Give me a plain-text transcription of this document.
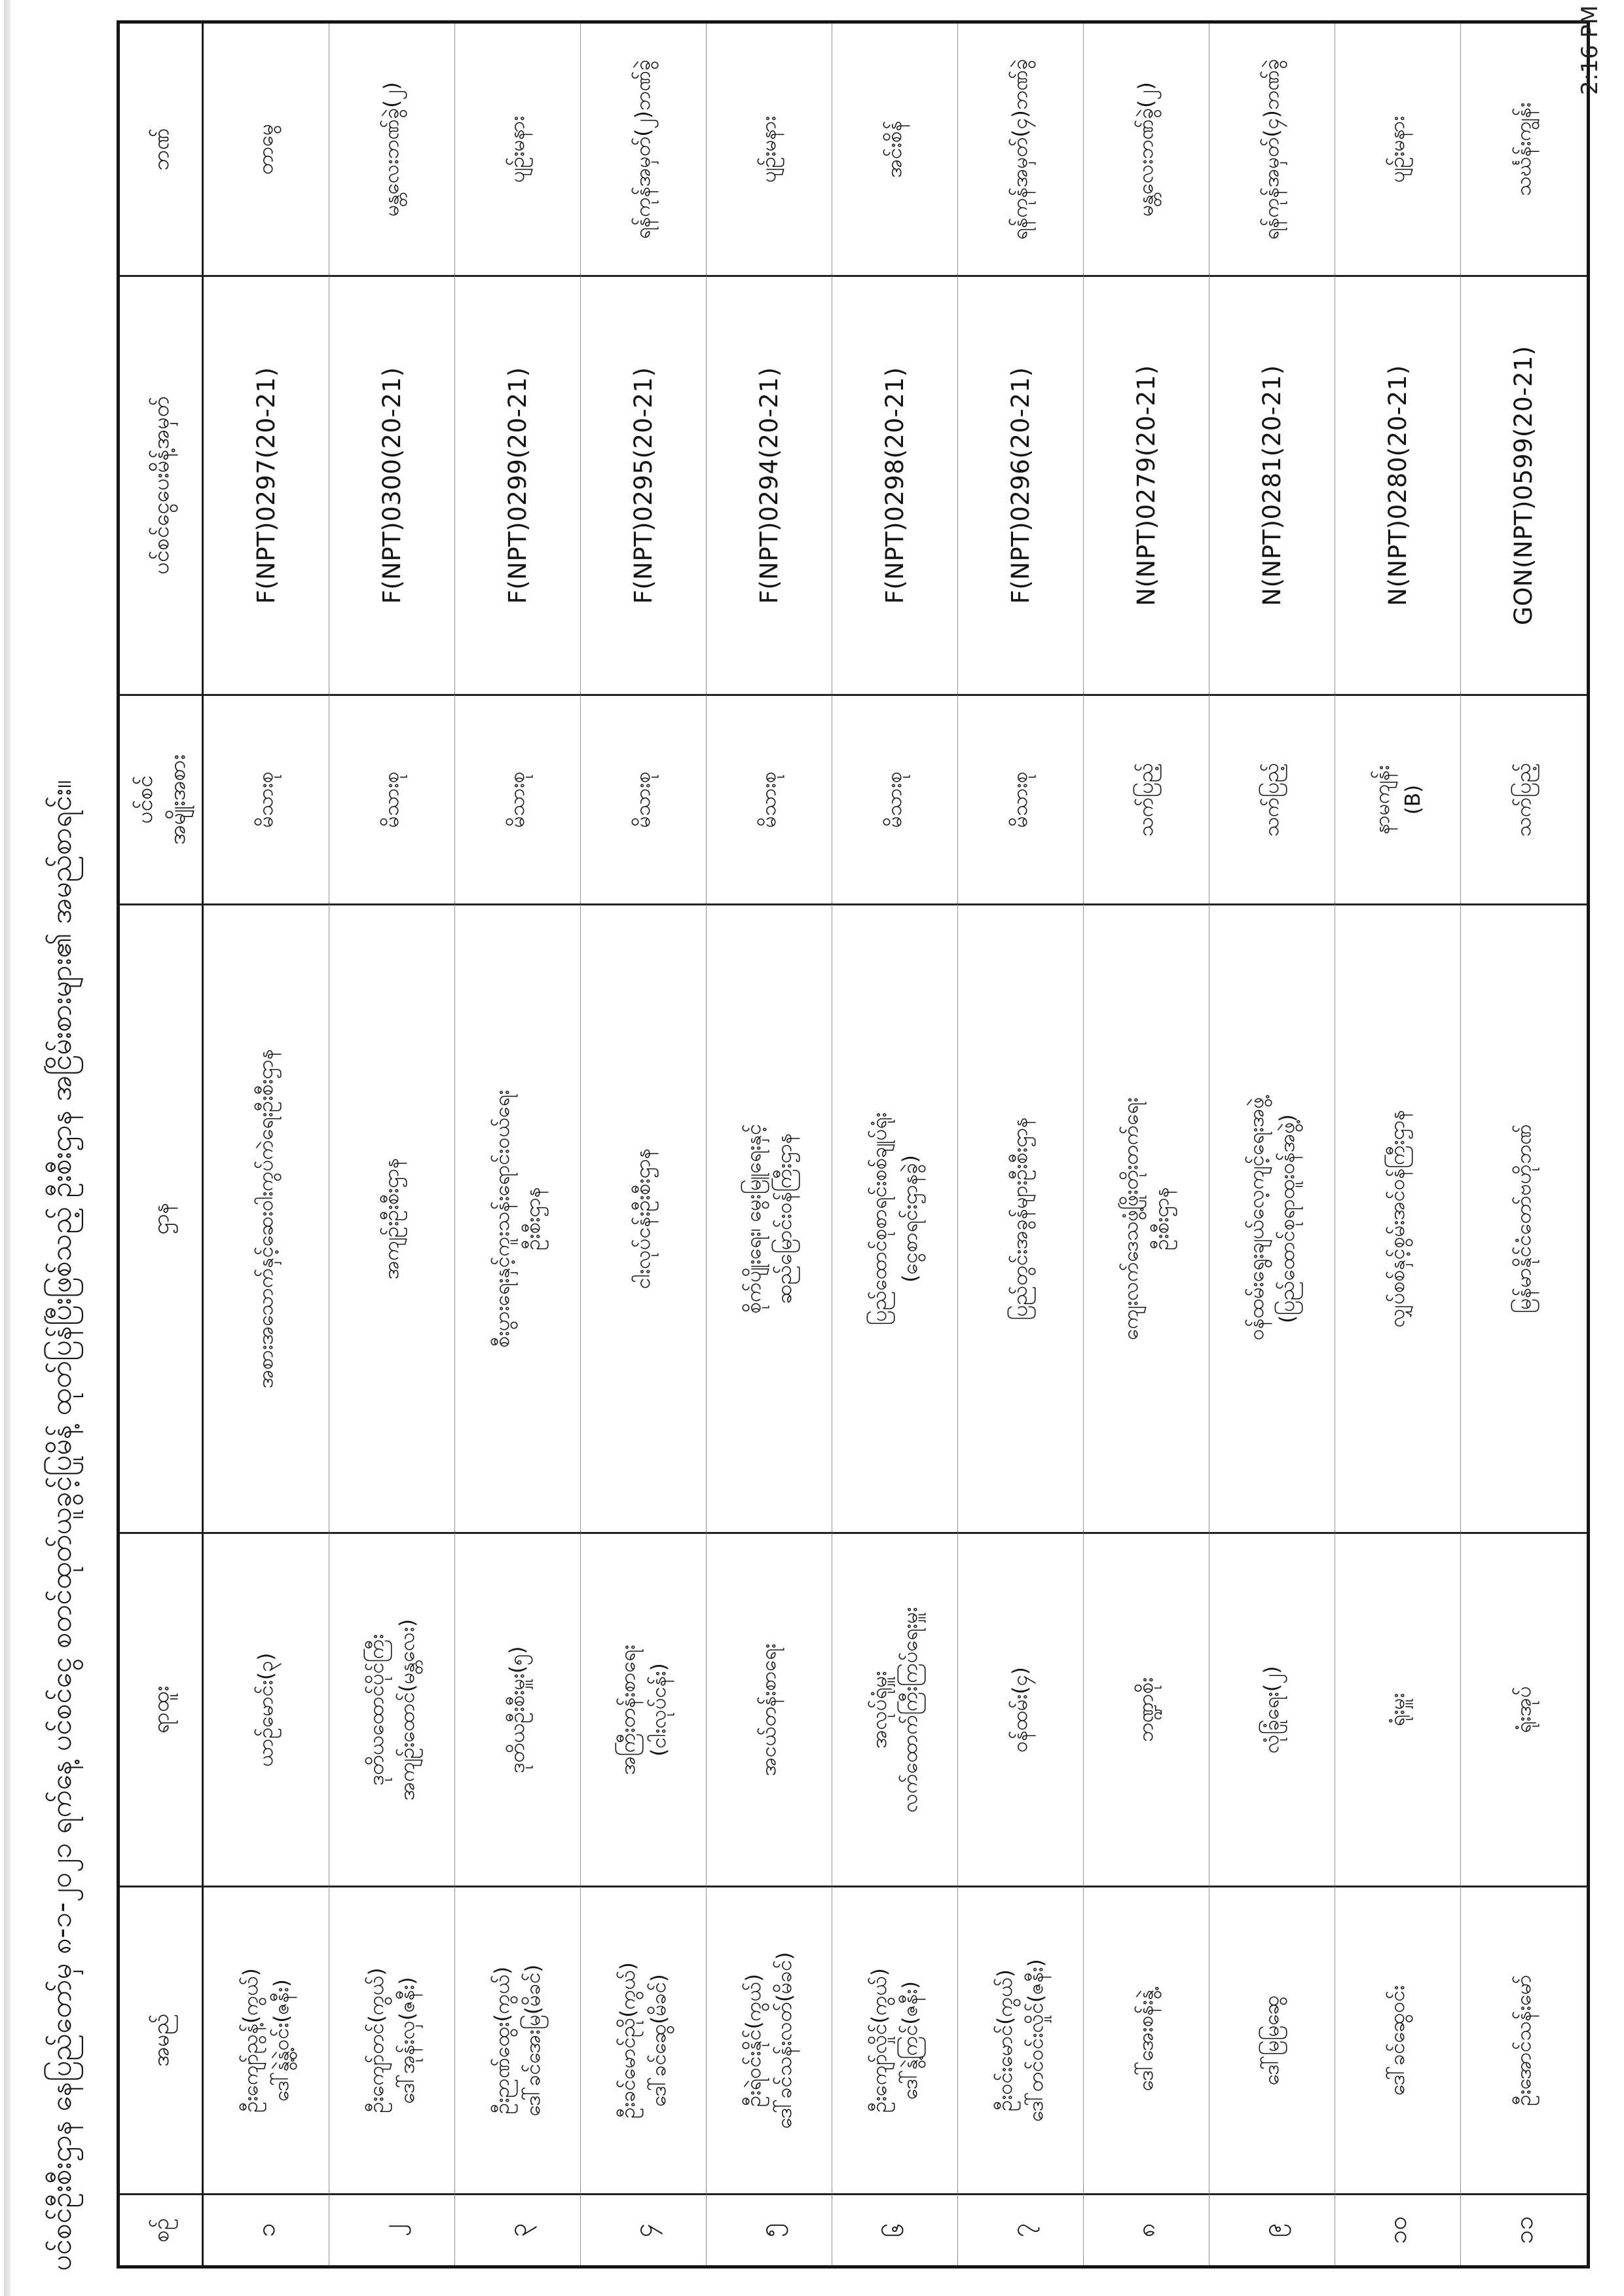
ပင်စင်ဦးစီးဌာန နေပြည်တော်မှ ၈-၁-၂၀၂၁ ရက်နေ့ ပင်စင်ငွေ စတင်ထုတ်ယူခွင့်ပြုမိန့် ထုတ်ပြန်ပြီးဖြစ်သည့် ဦးစီးဌာန အငြိမ်းစားများ၏ အမည်စာရင်း။	စဉ်
အမည်
ရာထူး
ဌာန
ပင်စင် အမျိုးအစား
ပင်စင်ငွေပေးမိန့်အမှတ်
ဘဏ်
၁
ဦးကျော်ညွန့်(ကွယ်) ဒေါ်နွဲ့နွဲ့ဝင်း(ဇနီး)
ယာဉ်မောင်း(၃)
အစားအသောက်နှင့်ဆေးဝါးကွပ်ကဲရေးဦးစီးဌာန
မိသားစု
F(NPT)0297(20-21)
တာမွေ
၂
ဦးကျော်တင်(ကွယ်) ဒေါ်အုန်းလှ(ဇနီး)
ဒုတိယထောင်ပိုင်ကြီး အကျဉ်းထောင်(မန္တလေး)
အကျဉ်းဦးစီးဌာန
မိသားစု
F(NPT)0300(20-21)
မန္တလေးဘဏ်ခွဲ(၂)
၃
ဦးဉာဏ်ထွေး(ကွယ်) ဒေါ်ခင်အေးမြ(မိခင်)
ဒုတိယဦးစီးမှူး(၅)
စီးပွားရေးနှင့်ကူးသန်းရောင်းဝယ်ရေး ဦးစီးဌာန
မိသားစု
F(NPT)0299(20-21)
ပျဉ်းမနား
၄
ဦးခင်မောင်ညို(ကွယ်) ဒေါ်ခင်ဆွေ(မိခင်)
အကြီးတန်းစာရေး (ငါးလုပ်ငန်း)
ငါးလုပ်ငန်းဦးစီးဌာန
မိသားစု
F(NPT)0295(20-21)
ရန်ကုန်အမှတ်(၂)ဘဏ်ခွဲ
၅
ဦးရဲဝင်းနိုင်(ကွယ်) ဒေါ်ခင်သန်းလတ်(မိခင်)
အငယ်တန်းစာရေး
စိုက်ပျိုးရေး၊ မွေးမြူရေးနှင့် ဆည်မြောင်းဝန်ကြီးဌာန
မိသားစု
F(NPT)0294(20-21)
ပျဉ်းမနား
၆
ဦးကျော်လှိုင်(ကွယ်) ဒေါ်နွဲ့ကြင်(ဇနီး)
အလုပ်ရုံမှူး လက်ထောက်ကြီးကြပ်ရေးမှူး
ပြည်ထောင်စုစာရင်းစစ်ချုပ်ရုံး (ငွေစာရင်းဌာနခွဲ)
မိသားစု
F(NPT)0298(20-21)
အင်းစိန်
၇
ဦးဝင်းမောင်(ကွယ်) ဒေါ်တင်ဝင်းလှိုင်(ဇနီး)
ဝန်ထမ်း(၄)
ပြည်တွင်းအခွန်များဦးစီးဌာန
မိသားစု
F(NPT)0296(20-21)
ရန်ကုန်အမှတ်(၄)ဘဏ်ခွဲ
၈
ဒေါ်အေးစန်းနွဲ့
ဘဏ္ဍာစိုး
ကျေးလက်ဒေသဖွံ့ဖြိုးတိုးတက်ရေး ဦးစီးဌာန
သက်ပြည့်
N(NPT)0279(20-21)
မန္တလေးဘဏ်ခွဲ(၂)
၉
ဒေါ်မြမြဆွေ
လုံခြုံရေး(၂)
ဝန်ထမ်းရွေးချယ်လေ့ကျင့်ရေးအဖွဲ့ (ပြည်ထောင်စုရာထူးဝန်အဖွဲ့)
သက်ပြည့်
N(NPT)0281(20-21)
ရန်ကုန်အမှတ်(၄)ဘဏ်ခွဲ
၁၀
ဒေါ်ခင်ဆွေဝင်း
ရုံးမှူး
လျှပ်စစ်နှင့်စွမ်းအင်ဝန်ကြီးဌာန
နာမကျန်း (B)
N(NPT)0280(20-21)
ပျဉ်းမနား
၁၁
ဦးအောင်သန်းမော်
ရုံးအုပ်
မြန်မာနိုင်ငံတော်ဗဟိုဘဏ်
သက်ပြည့်
GON(NPT)0599(20-21)
သင်္ဃန်းကျွန်း
2:16 PM
